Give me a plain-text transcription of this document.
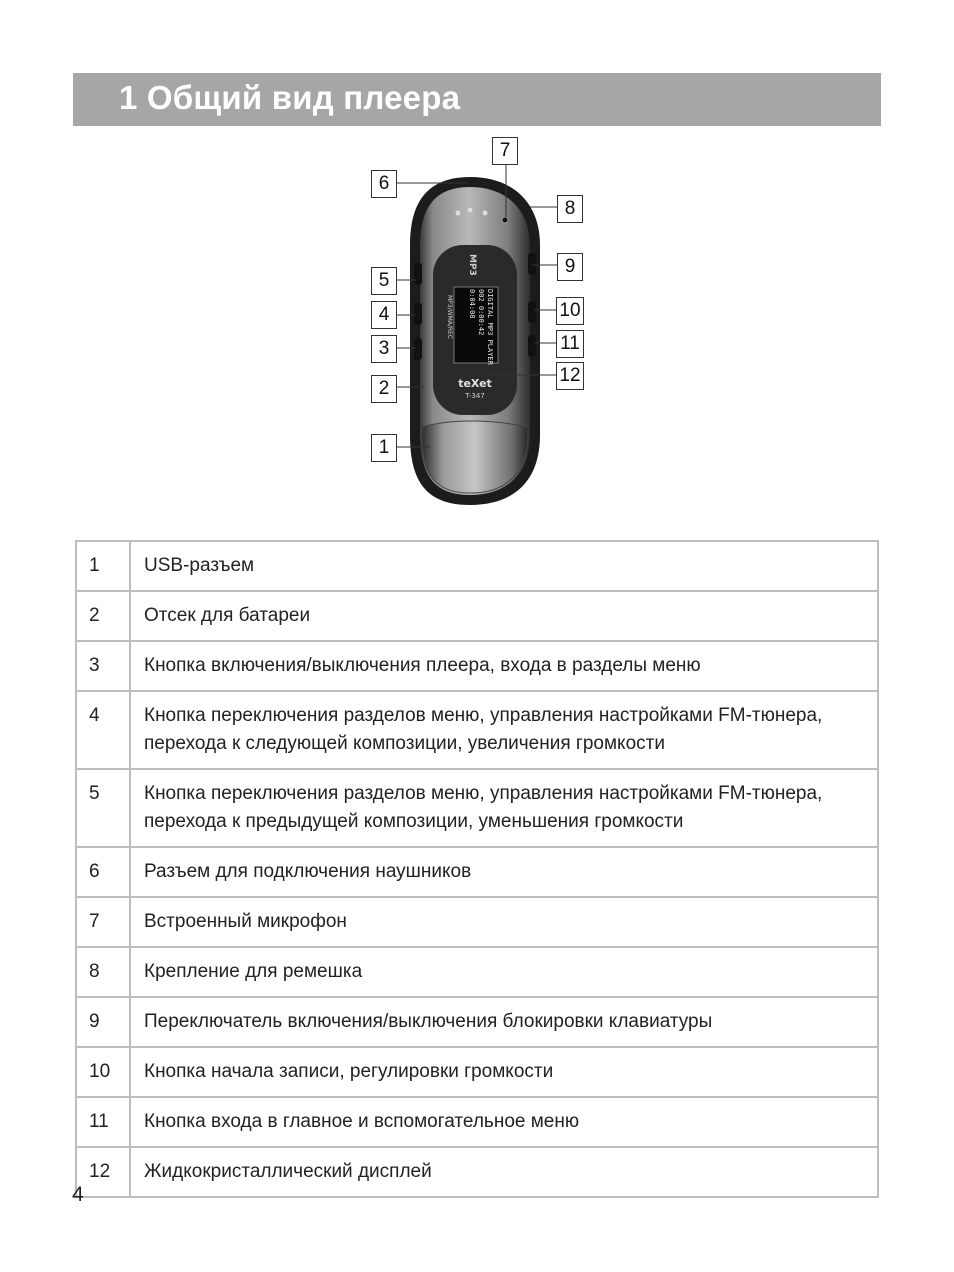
1 Общий вид плеера
DIGITAL MP3 PLAYER
002 0:00:42
0:04:08
MP3/WMA/REC
MP3
teXet
T-347
7
6
8
9
5
4	10
3	11
12
2
1
1	USB-разъем
2	Отсек для батареи
3	Кнопка включения/выключения плеера, входа в разделы меню
4	Кнопка переключения разделов меню, управления настройками FM-тюнера, перехода к следующей композиции, увеличения громкости
5	Кнопка переключения разделов меню, управления настройками FM-тюнера, перехода к предыдущей композиции, уменьшения громкости
6	Разъем для подключения наушников
7	Встроенный микрофон
8	Крепление для ремешка
9	Переключатель включения/выключения блокировки клавиатуры
10	Кнопка начала записи, регулировки громкости
11	Кнопка входа в главное и вспомогательное меню
12	Жидкокристаллический дисплей
4
